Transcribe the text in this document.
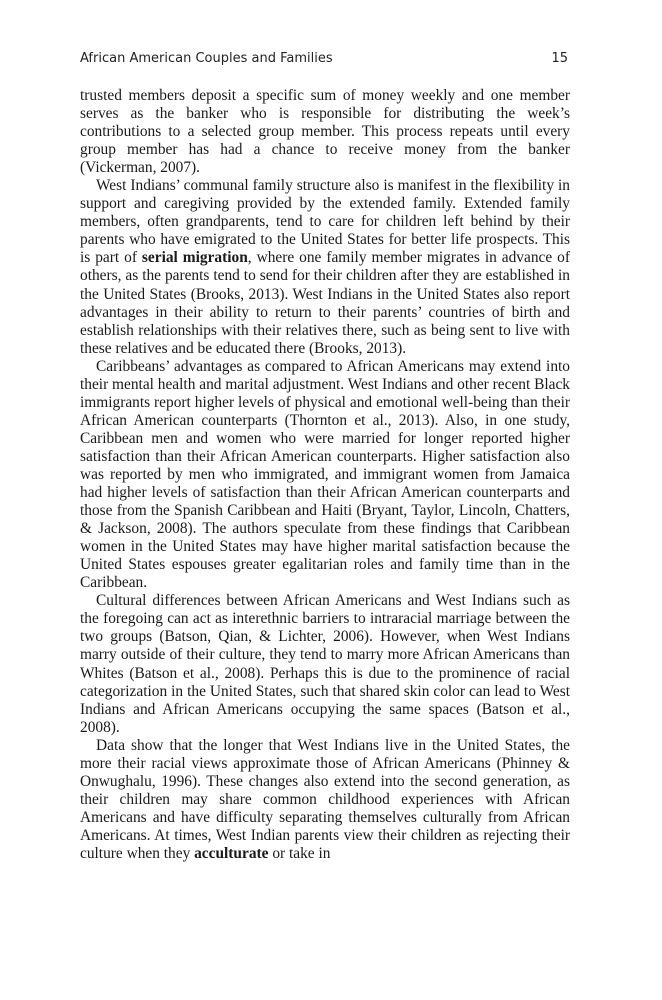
African American Couples and Families	15

trusted members deposit a specific sum of money weekly and one member serves as the banker who is responsible for distributing the week’s contributions to a selected group member. This process repeats until every group member has had a chance to receive money from the banker (Vickerman, 2007).

West Indians’ communal family structure also is manifest in the flexibility in support and caregiving provided by the extended family. Extended family members, often grandparents, tend to care for children left behind by their parents who have emigrated to the United States for better life prospects. This is part of serial migration, where one family member migrates in advance of others, as the parents tend to send for their children after they are established in the United States (Brooks, 2013). West Indians in the United States also report advantages in their ability to return to their parents’ countries of birth and establish relationships with their relatives there, such as being sent to live with these relatives and be educated there (Brooks, 2013).

Caribbeans’ advantages as compared to African Americans may extend into their mental health and marital adjustment. West Indians and other recent Black immigrants report higher levels of physical and emotional well-being than their African American counterparts (Thornton et al., 2013). Also, in one study, Caribbean men and women who were married for longer reported higher satisfaction than their African American counterparts. Higher satisfaction also was reported by men who immigrated, and immigrant women from Jamaica had higher levels of satisfaction than their African American counterparts and those from the Spanish Caribbean and Haiti (Bryant, Taylor, Lincoln, Chatters, & Jackson, 2008). The authors speculate from these findings that Caribbean women in the United States may have higher marital satisfaction because the United States espouses greater egalitarian roles and family time than in the Caribbean.

Cultural differences between African Americans and West Indians such as the foregoing can act as interethnic barriers to intraracial marriage between the two groups (Batson, Qian, & Lichter, 2006). However, when West Indians marry outside of their culture, they tend to marry more African Americans than Whites (Batson et al., 2008). Perhaps this is due to the prominence of racial categorization in the United States, such that shared skin color can lead to West Indians and African Americans occupying the same spaces (Batson et al., 2008).

Data show that the longer that West Indians live in the United States, the more their racial views approximate those of African Americans (Phinney & Onwughalu, 1996). These changes also extend into the second generation, as their children may share common childhood experiences with African Americans and have difficulty separating themselves culturally from African Americans. At times, West Indian parents view their children as rejecting their culture when they acculturate or take in
